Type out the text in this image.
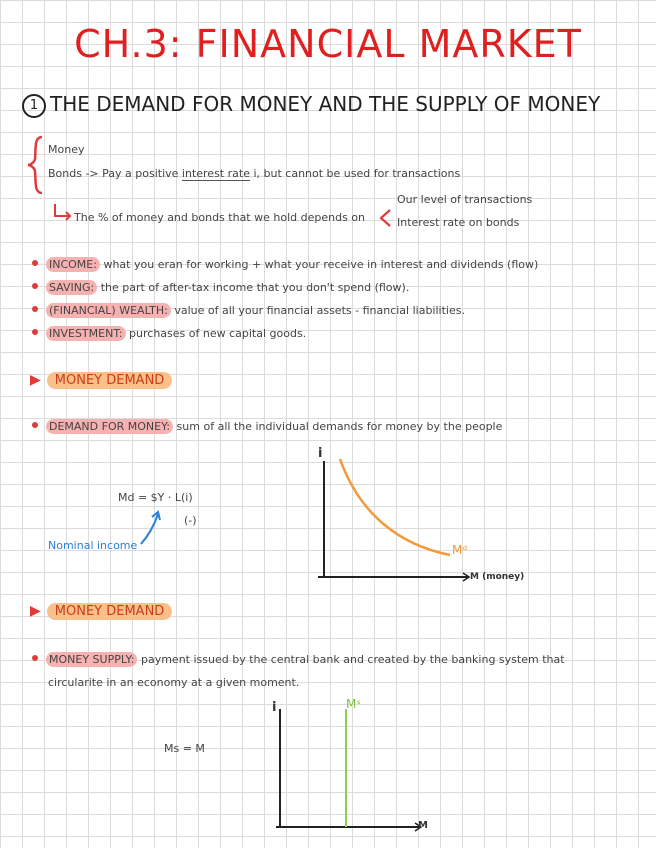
CH.3: FINANCIAL MARKET
1 THE DEMAND FOR MONEY AND THE SUPPLY OF MONEY
Money
Bonds -> Pay a positive interest rate i, but cannot be used for transactions
The % of money and bonds that we hold depends on
Our level of transactions
Interest rate on bonds
INCOME: what you eran for working + what your receive in interest and dividends (flow)
SAVING: the part of after-tax income that you don't spend (flow).
(FINANCIAL) WEALTH: value of all your financial assets - financial liabilities.
INVESTMENT: purchases of new capital goods.
▶ MONEY DEMAND
DEMAND FOR MONEY: sum of all the individual demands for money by the people
Md = $Y · L(i)
(-)
Nominal income
i
M (money)
Mᵈ
▶ MONEY DEMAND
MONEY SUPPLY: payment issued by the central bank and created by the banking system that
circularite in an economy at a given moment.
Ms = M
i
M
Mˢ
